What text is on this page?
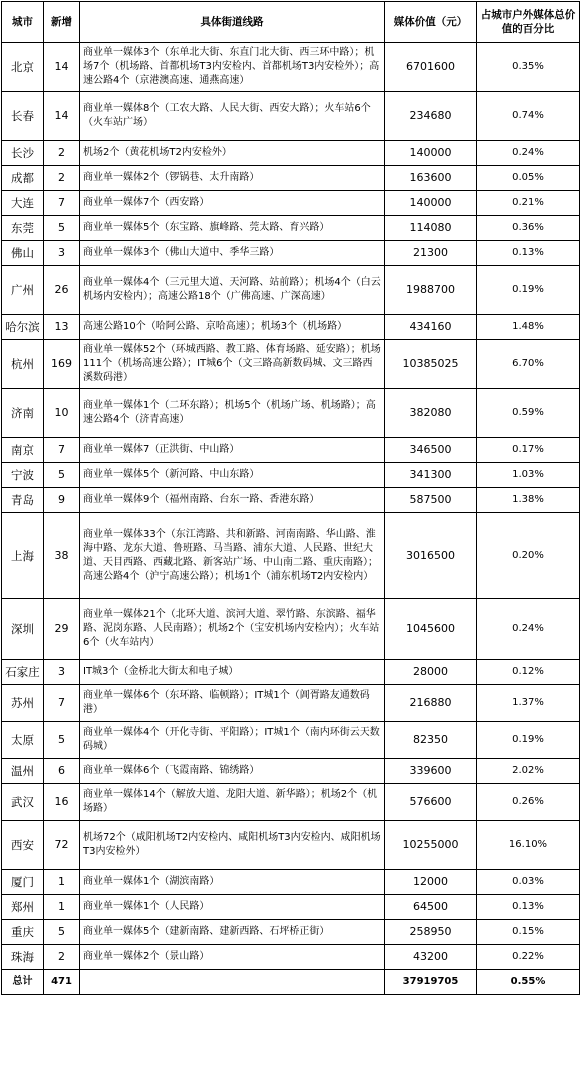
城市	新增	具体街道线路	媒体价值（元）	占城市户外媒体总价值的百分比
北京	14	商业单一媒体3个（东单北大街、东直门北大街、西三环中路）；机场7个（机场路、首都机场T3内安检内、首都机场T3内安检外）；高速公路4个（京港澳高速、通燕高速）	6701600	0.35%
长春	14	商业单一媒体8个（工农大路、人民大街、西安大路）；火车站6个（火车站广场）	234680	0.74%
长沙	2	机场2个（黄花机场T2内安检外）	140000	0.24%
成都	2	商业单一媒体2个（锣锅巷、太升南路）	163600	0.05%
大连	7	商业单一媒体7个（西安路）	140000	0.21%
东莞	5	商业单一媒体5个（东宝路、旗峰路、莞太路、育兴路）	114080	0.36%
佛山	3	商业单一媒体3个（佛山大道中、季华三路）	21300	0.13%
广州	26	商业单一媒体4个（三元里大道、天河路、站前路）；机场4个（白云机场内安检内）；高速公路18个（广佛高速、广深高速）	1988700	0.19%
哈尔滨	13	高速公路10个（哈阿公路、京哈高速）；机场3个（机场路）	434160	1.48%
杭州	169	商业单一媒体52个（环城西路、教工路、体育场路、延安路）；机场111个（机场高速公路）；IT城6个（文三路高新数码城、文三路西溪数码港）	10385025	6.70%
济南	10	商业单一媒体1个（二环东路）；机场5个（机场广场、机场路）；高速公路4个（济青高速）	382080	0.59%
南京	7	商业单一媒体7（正洪街、中山路）	346500	0.17%
宁波	5	商业单一媒体5个（新河路、中山东路）	341300	1.03%
青岛	9	商业单一媒体9个（福州南路、台东一路、香港东路）	587500	1.38%
上海	38	商业单一媒体33个（东江湾路、共和新路、河南南路、华山路、淮海中路、龙东大道、鲁班路、马当路、浦东大道、人民路、世纪大道、天目西路、西藏北路、新客站广场、中山南二路、重庆南路）；高速公路4个（沪宁高速公路）；机场1个（浦东机场T2内安检内）	3016500	0.20%
深圳	29	商业单一媒体21个（北环大道、滨河大道、翠竹路、东滨路、福华路、泥岗东路、人民南路）；机场2个（宝安机场内安检内）；火车站6个（火车站内）	1045600	0.24%
石家庄	3	IT城3个（金桥北大街太和电子城）	28000	0.12%
苏州	7	商业单一媒体6个（东环路、临顿路）；IT城1个（阊胥路友通数码港）	216880	1.37%
太原	5	商业单一媒体4个（开化寺街、平阳路）；IT城1个（南内环街云天数码城）	82350	0.19%
温州	6	商业单一媒体6个（飞霞南路、锦绣路）	339600	2.02%
武汉	16	商业单一媒体14个（解放大道、龙阳大道、新华路）；机场2个（机场路）	576600	0.26%
西安	72	机场72个（咸阳机场T2内安检内、咸阳机场T3内安检内、咸阳机场T3内安检外）	10255000	16.10%
厦门	1	商业单一媒体1个（湖滨南路）	12000	0.03%
郑州	1	商业单一媒体1个（人民路）	64500	0.13%
重庆	5	商业单一媒体5个（建新南路、建新西路、石坪桥正街）	258950	0.15%
珠海	2	商业单一媒体2个（景山路）	43200	0.22%
总计	471		37919705	0.55%
